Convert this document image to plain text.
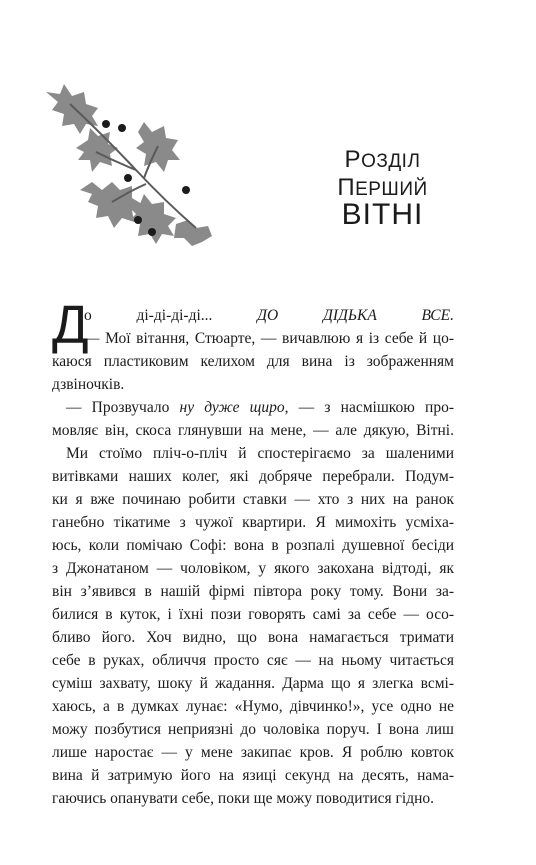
РОЗДІЛ ПЕРШИЙ
ВІТНІ
Д
о ді-ді-ді-ді... ДО ДІДЬКА ВСЕ.
— Мої вітання, Стюарте, — вичавлюю я із себе й цо-
каюся пластиковим келихом для вина із зображенням
дзвіночків.
— Прозвучало ну дуже щиро, — з насмішкою про-
мовляє він, скоса глянувши на мене, — але дякую, Вітні.
Ми стоїмо пліч-о-пліч й спостерігаємо за шаленими
витівками наших колег, які добряче перебрали. Подум-
ки я вже починаю робити ставки — хто з них на ранок
ганебно тікатиме з чужої квартири. Я мимохіть усміха-
юсь, коли помічаю Софі: вона в розпалі душевної бесіди
з Джонатаном — чоловіком, у якого закохана відтоді, як
він з’явився в нашій фірмі півтора року тому. Вони за-
билися в куток, і їхні пози говорять самі за себе — осо-
бливо його. Хоч видно, що вона намагається тримати
себе в руках, обличчя просто сяє — на ньому читається
суміш захвату, шоку й жадання. Дарма що я злегка всмі-
хаюсь, а в думках лунає: «Нумо, дівчинко!», усе одно не
можу позбутися неприязні до чоловіка поруч. І вона лиш
лише наростає — у мене закипає кров. Я роблю ковток
вина й затримую його на язиці секунд на десять, нама-
гаючись опанувати себе, поки ще можу поводитися гідно.
